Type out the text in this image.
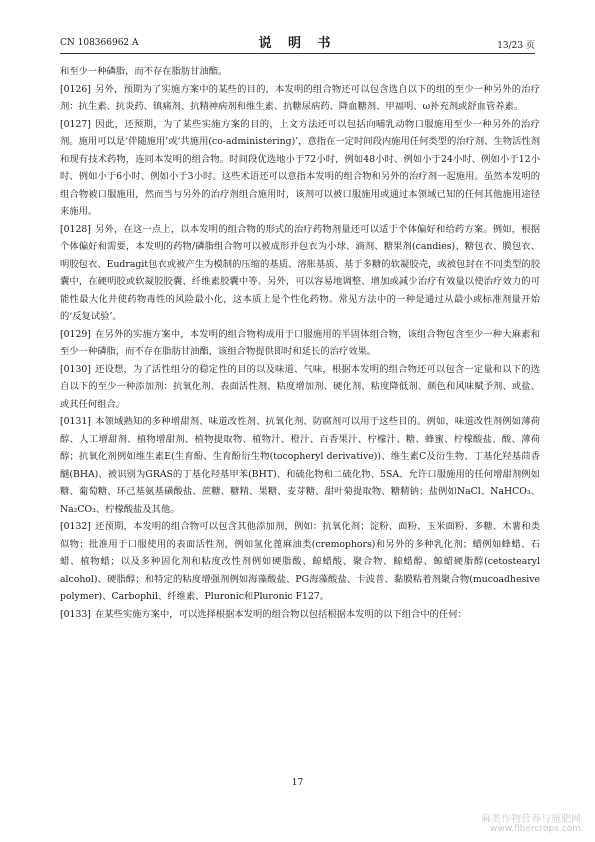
CN 108366962 A	说 明 书	13/23 页

和至少一种磷脂，而不存在脂肪甘油酯。

[0126] 另外，预期为了实施方案中的某些的目的，本发明的组合物还可以包含选自以下的组的至少一种另外的治疗剂：抗生素、抗炎药、镇痛剂、抗精神病剂和维生素、抗糖尿病药、降血糖剂、甲福明、ω补充剂或舒血管养素。

[0127] 因此，还预期，为了某些实施方案的目的，上文方法还可以包括向哺乳动物口服施用至少一种另外的治疗剂。施用可以是‘伴随施用’或‘共施用(co-administering)’，意指在一定时间段内施用任何类型的治疗剂、生物活性剂和现有技术药物，连同本发明的组合物。时间段优选地小于72小时，例如48小时、例如小于24小时、例如小于12小时、例如小于6小时、例如小于3小时。这些术语还可以意指本发明的组合物和另外的治疗剂一起施用。虽然本发明的组合物被口服施用，然而当与另外的治疗剂组合施用时，该剂可以被口服施用或通过本领域已知的任何其他施用途径来施用。

[0128] 另外，在这一点上，以本发明的组合物的形式的治疗药物剂量还可以适于个体偏好和给药方案。例如，根据个体偏好和需要，本发明的药物/磷脂组合物可以被成形并包衣为小球、滴剂、糖果剂(candies)、糖包衣、膜包衣、明胶包衣、Eudragit包衣或被产生为模制的压缩的基质、溶胀基质、基于多糖的软凝胶壳，或被包封在不同类型的胶囊中，在硬明胶或软凝胶胶囊、纤维素胶囊中等。另外，可以容易地调整、增加或减少治疗有效量以使治疗效力的可能性最大化并使药物毒性的风险最小化，这本质上是个性化药物。常见方法中的一种是通过从最小或标准剂量开始的‘反复试验’。

[0129] 在另外的实施方案中，本发明的组合物构成用于口服施用的半固体组合物，该组合物包含至少一种大麻素和至少一种磷脂，而不存在脂肪甘油酯，该组合物提供即时和延长的治疗效果。

[0130] 还设想，为了活性组分的稳定性的目的以及味道、气味，根据本发明的组合物还可以包含一定量和以下的选自以下的至少一种添加剂：抗氧化剂、表面活性剂、粘度增加剂、硬化剂、粘度降低剂、颜色和风味赋予剂、或盐、或其任何组合。

[0131] 本领域熟知的多种增甜剂、味道改性剂、抗氧化剂、防腐剂可以用于这些目的。例如，味道改性剂例如薄荷醇、人工增甜剂、植物增甜剂、植物提取物、植物汁、橙汁、百香果汁、柠檬汁、糖、蜂蜜、柠檬酸盐、酸、薄荷醇；抗氧化剂例如维生素E(生育酚、生育酚衍生物(tocopheryl derivative))、维生素C及衍生物、丁基化羟基茴香醚(BHA)、被识别为GRAS的丁基化羟基甲苯(BHT)、和硫化物和二硫化物、5SA、允许口服施用的任何增甜剂例如糖、葡萄糖、环己基氨基磺酸盐、蔗糖、糖精、果糖、麦芽糖、甜叶菊提取物、糖精钠；盐例如NaCl、NaHCO₃、Na₂CO₃、柠檬酸盐及其他。

[0132] 还预期，本发明的组合物可以包含其他添加剂，例如：抗氧化剂；淀粉、面粉、玉米面粉、多糖、木薯和类似物；批准用于口服使用的表面活性剂，例如氢化蓖麻油类(cremophors)和另外的多种乳化剂；蜡例如蜂蜡、石蜡、植物蜡；以及多种固化剂和粘度改性剂例如硬脂酸、鲸蜡酸、聚合物、鲸蜡醇、鲸蜡硬脂醇(cetostearyl alcohol)、硬脂醇；和特定的粘度增强剂例如海藻酸盐、PG海藻酸盐、卡波普、黏膜粘着剂聚合物(mucoadhesive polymer)、Carbophil、纤维素、Pluronic和Pluronic F127。

[0133] 在某些实施方案中，可以选择根据本发明的组合物以包括根据本发明的以下组合中的任何：

17
麻类作物营养与施肥网
www.fibercrops.com
